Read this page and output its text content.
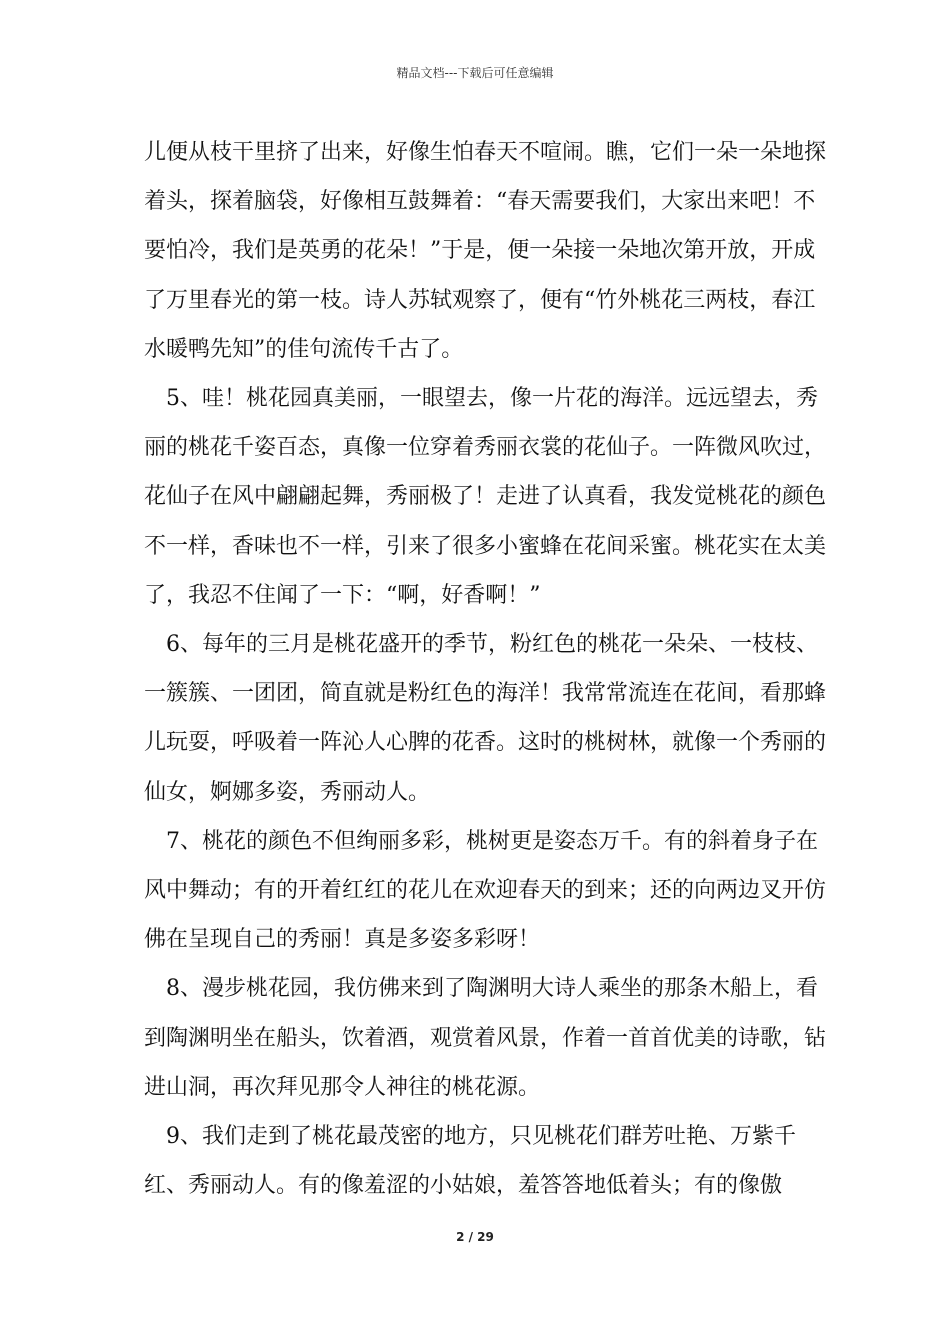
精品文档---下载后可任意编辑

儿便从枝干里挤了出来，好像生怕春天不喧闹。瞧，它们一朵一朵地探着头，探着脑袋，好像相互鼓舞着：“春天需要我们，大家出来吧！不要怕冷，我们是英勇的花朵！”于是，便一朵接一朵地次第开放，开成了万里春光的第一枝。诗人苏轼观察了，便有“竹外桃花三两枝，春江水暖鸭先知”的佳句流传千古了。

5、哇！桃花园真美丽，一眼望去，像一片花的海洋。远远望去，秀丽的桃花千姿百态，真像一位穿着秀丽衣裳的花仙子。一阵微风吹过，花仙子在风中翩翩起舞，秀丽极了！走进了认真看，我发觉桃花的颜色不一样，香味也不一样，引来了很多小蜜蜂在花间采蜜。桃花实在太美了，我忍不住闻了一下：“啊，好香啊！”

6、每年的三月是桃花盛开的季节，粉红色的桃花一朵朵、一枝枝、一簇簇、一团团，简直就是粉红色的海洋！我常常流连在花间，看那蜂儿玩耍，呼吸着一阵沁人心脾的花香。这时的桃树林，就像一个秀丽的仙女，婀娜多姿，秀丽动人。

7、桃花的颜色不但绚丽多彩，桃树更是姿态万千。有的斜着身子在风中舞动；有的开着红红的花儿在欢迎春天的到来；还的向两边叉开仿佛在呈现自己的秀丽！真是多姿多彩呀！

8、漫步桃花园，我仿佛来到了陶渊明大诗人乘坐的那条木船上，看到陶渊明坐在船头，饮着酒，观赏着风景，作着一首首优美的诗歌，钻进山洞，再次拜见那令人神往的桃花源。

9、我们走到了桃花最茂密的地方，只见桃花们群芳吐艳、万紫千红、秀丽动人。有的像羞涩的小姑娘，羞答答地低着头；有的像傲

2 / 29
